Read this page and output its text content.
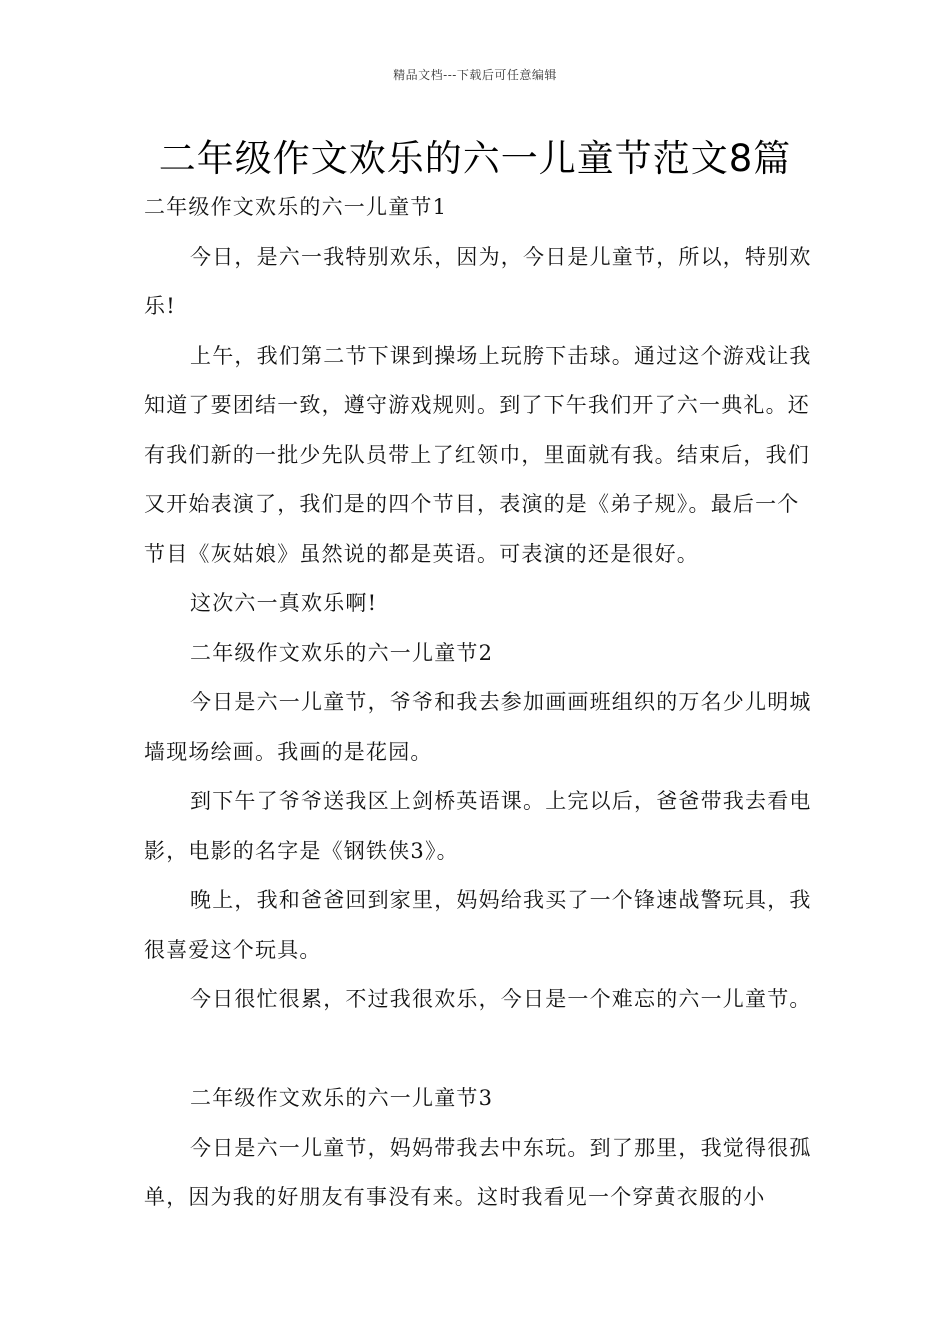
精品文档---下载后可任意编辑
二年级作文欢乐的六一儿童节范文8篇

二年级作文欢乐的六一儿童节1

今日，是六一我特别欢乐，因为，今日是儿童节，所以，特别欢乐!

上午，我们第二节下课到操场上玩胯下击球。通过这个游戏让我知道了要团结一致，遵守游戏规则。到了下午我们开了六一典礼。还有我们新的一批少先队员带上了红领巾，里面就有我。结束后，我们又开始表演了，我们是的四个节目，表演的是《弟子规》。最后一个节目《灰姑娘》虽然说的都是英语。可表演的还是很好。

这次六一真欢乐啊!

二年级作文欢乐的六一儿童节2

今日是六一儿童节，爷爷和我去参加画画班组织的万名少儿明城墙现场绘画。我画的是花园。

到下午了爷爷送我区上剑桥英语课。上完以后，爸爸带我去看电影，电影的名字是《钢铁侠3》。

晚上，我和爸爸回到家里，妈妈给我买了一个锋速战警玩具，我很喜爱这个玩具。

今日很忙很累，不过我很欢乐，今日是一个难忘的六一儿童节。

二年级作文欢乐的六一儿童节3

今日是六一儿童节，妈妈带我去中东玩。到了那里，我觉得很孤单，因为我的好朋友有事没有来。这时我看见一个穿黄衣服的小
